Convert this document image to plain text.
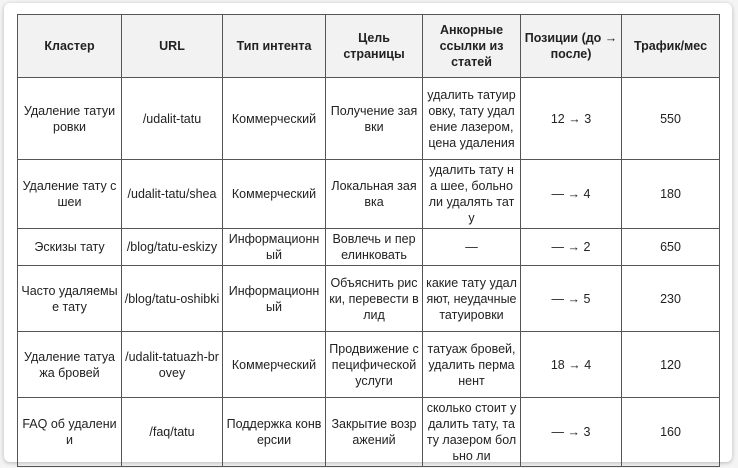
Кластер	URL	Тип интента	Цель страницы	Анкорные ссылки из статей	Позиции (до → после)	Трафик/мес
Удаление татуировки	/udalit-tatu	Коммерческий	Получение заявки	удалить татуировку, тату удаление лазером, цена удаления	12 → 3	550
Удаление тату с шеи	/udalit-tatu/shea	Коммерческий	Локальная заявка	удалить тату на шее, больно ли удалять тату	— → 4	180
Эскизы тату	/blog/tatu-eskizy	Информационный	Вовлечь и перелинковать	—	— → 2	650
Часто удаляемые тату	/blog/tatu-oshibki	Информационный	Объяснить риски, перевести в лид	какие тату удаляют, неудачные татуировки	— → 5	230
Удаление татуажа бровей	/udalit-tatuazh-brovey	Коммерческий	Продвижение специфической услуги	татуаж бровей, удалить перманент	18 → 4	120
FAQ об удалении	/faq/tatu	Поддержка конверсии	Закрытие возражений	сколько стоит удалить тату, тату лазером больно ли	— → 3	160
